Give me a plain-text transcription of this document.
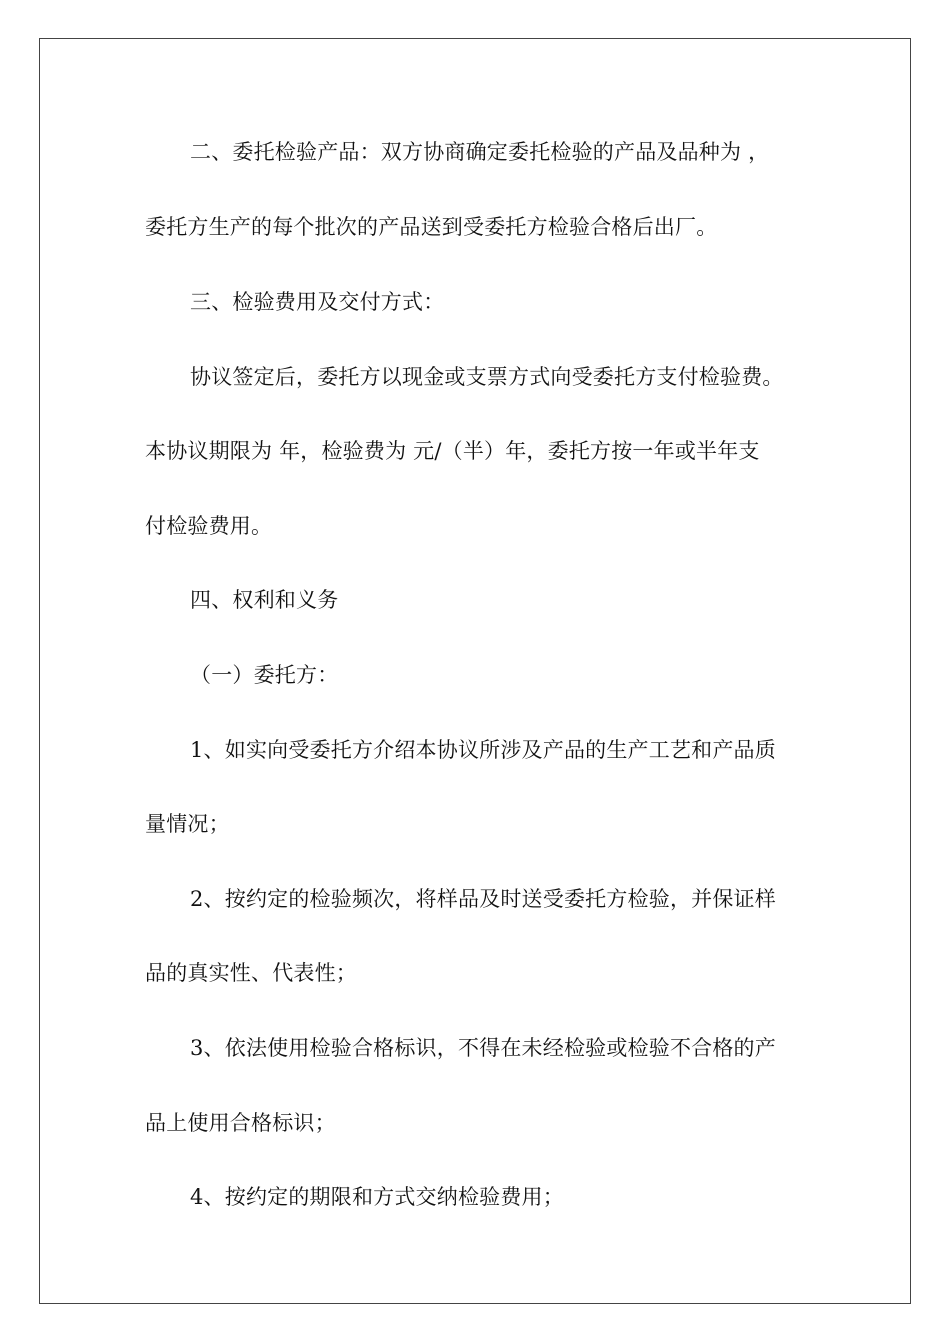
二、委托检验产品：双方协商确定委托检验的产品及品种为 ，
委托方生产的每个批次的产品送到受委托方检验合格后出厂。
三、检验费用及交付方式：
协议签定后，委托方以现金或支票方式向受委托方支付检验费。
本协议期限为 年，检验费为 元/（半）年，委托方按一年或半年支
付检验费用。
四、权利和义务
（一）委托方：
1、如实向受委托方介绍本协议所涉及产品的生产工艺和产品质
量情况；
2、按约定的检验频次，将样品及时送受委托方检验，并保证样
品的真实性、代表性；
3、依法使用检验合格标识，不得在未经检验或检验不合格的产
品上使用合格标识；
4、按约定的期限和方式交纳检验费用；
